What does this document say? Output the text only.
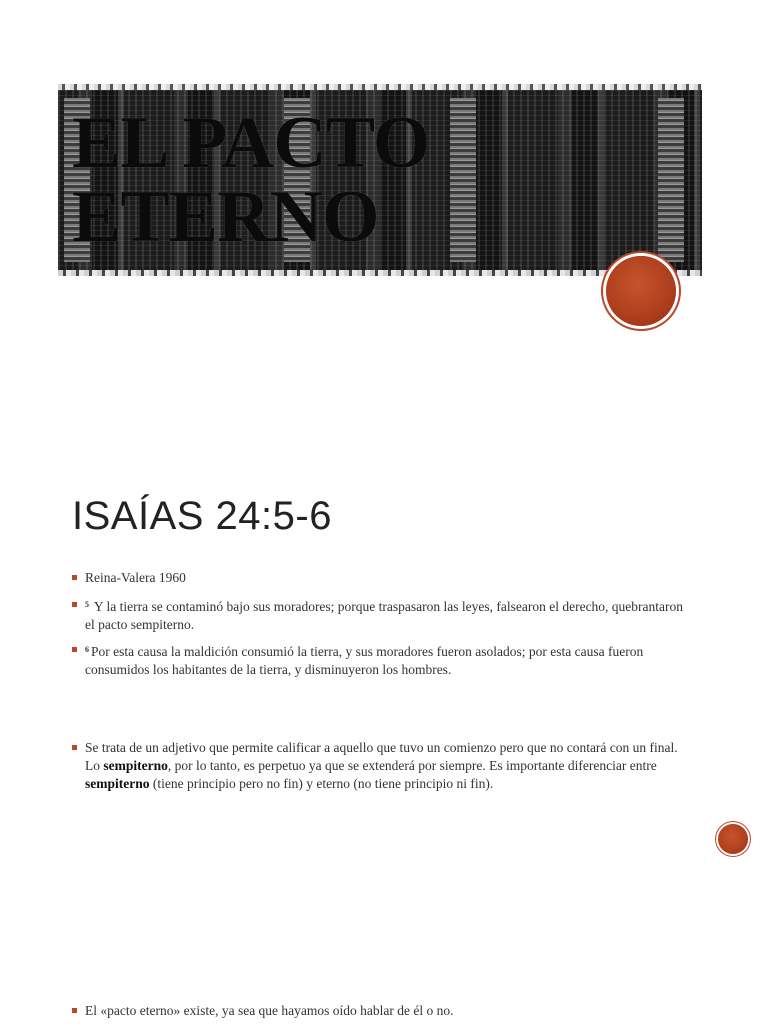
EL PACTO
ETERNO
ISAÍAS 24:5-6
Reina-Valera 1960
$^5$ Y la tierra se contaminó bajo sus moradores; porque traspasaron las leyes, falsearon el derecho, quebrantaron el pacto sempiterno.
$^6$ Por esta causa la maldición consumió la tierra, y sus moradores fueron asolados; por esta causa fueron consumidos los habitantes de la tierra, y disminuyeron los hombres.
Se trata de un adjetivo que permite calificar a aquello que tuvo un comienzo pero que no contará con un final. Lo sempiterno, por lo tanto, es perpetuo ya que se extenderá por siempre. Es importante diferenciar entre sempiterno (tiene principio pero no fin) y eterno (no tiene principio ni fin).
El «pacto eterno» existe, ya sea que hayamos oído hablar de él o no.
